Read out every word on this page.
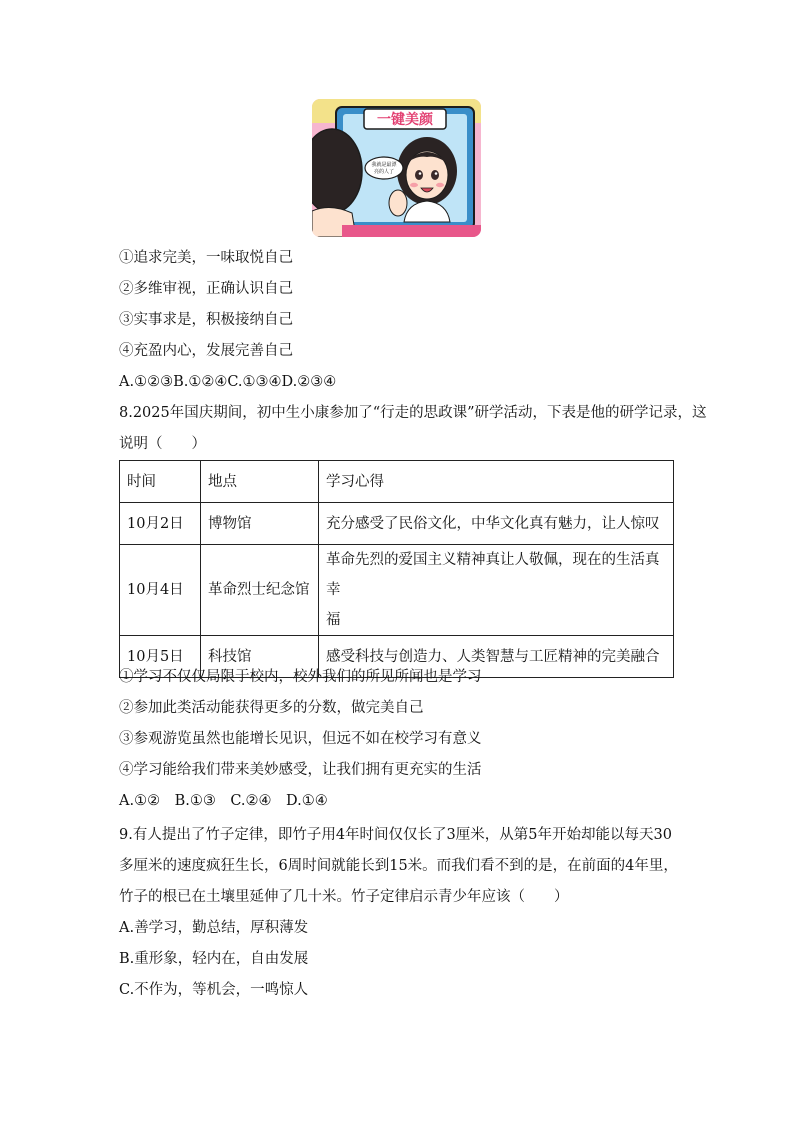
一键美颜
我就是最漂
亮的人了
①追求完美，一味取悦自己
②多维审视，正确认识自己
③实事求是，积极接纳自己
④充盈内心，发展完善自己
A.①②③B.①②④C.①③④D.②③④
8.2025年国庆期间，初中生小康参加了“行走的思政课”研学活动，下表是他的研学记录，这
说明（　　）
时间	地点	学习心得
10月2日	博物馆	充分感受了民俗文化，中华文化真有魅力，让人惊叹
10月4日	革命烈士纪念馆	革命先烈的爱国主义精神真让人敬佩，现在的生活真幸
福

10月5日	科技馆	感受科技与创造力、人类智慧与工匠精神的完美融合
①学习不仅仅局限于校内，校外我们的所见所闻也是学习
②参加此类活动能获得更多的分数，做完美自己
③参观游览虽然也能增长见识，但远不如在校学习有意义
④学习能给我们带来美妙感受，让我们拥有更充实的生活
A.①②　B.①③　C.②④　D.①④
9.有人提出了竹子定律，即竹子用4年时间仅仅长了3厘米，从第5年开始却能以每天30
多厘米的速度疯狂生长，6周时间就能长到15米。而我们看不到的是，在前面的4年里，
竹子的根已在土壤里延伸了几十米。竹子定律启示青少年应该（　　）
A.善学习，勤总结，厚积薄发
B.重形象，轻内在，自由发展
C.不作为，等机会，一鸣惊人
